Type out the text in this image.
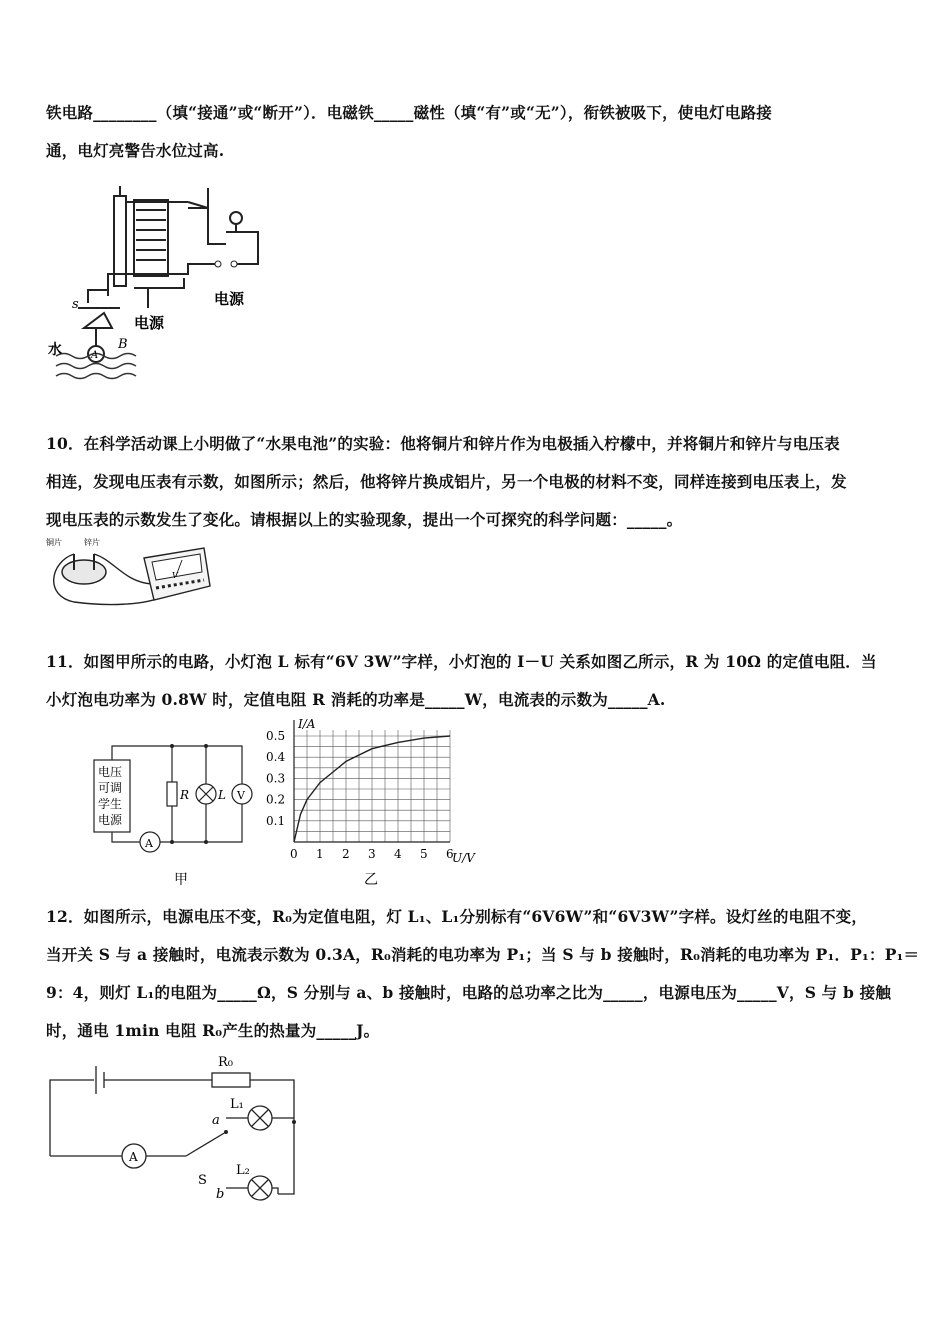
铁电路________（填“接通”或“断开”）．电磁铁_____磁性（填“有”或“无”），衔铁被吸下，使电灯电路接
通，电灯亮警告水位过高.
电源
电源
水
s
B
A
10．在科学活动课上小明做了“水果电池”的实验：他将铜片和锌片作为电极插入柠檬中，并将铜片和锌片与电压表
相连，发现电压表有示数，如图所示；然后，他将锌片换成铝片，另一个电极的材料不变，同样连接到电压表上，发
现电压表的示数发生了变化。请根据以上的实验现象，提出一个可探究的科学问题：_____。
铜片	锌片
V
11．如图甲所示的电路，小灯泡 L 标有“6V 3W”字样，小灯泡的 I－U 关系如图乙所示，R 为 10Ω 的定值电阻．当
小灯泡电功率为 0.8W 时，定值电阻 R 消耗的功率是_____W，电流表的示数为_____A.
电压
可调
学生
电源
R L V
A
甲
0 1 2 3 4 5 6
0.1
0.2
0.3
0.4
0.5
I/A
U/V
乙
12．如图所示，电源电压不变，R₀为定值电阻，灯 L₁、L₁分别标有“6V6W”和“6V3W”字样。设灯丝的电阻不变，
当开关 S 与 a 接触时，电流表示数为 0.3A，R₀消耗的电功率为 P₁；当 S 与 b 接触时，R₀消耗的电功率为 P₁．P₁：P₁＝
9：4，则灯 L₁的电阻为_____Ω，S 分别与 a、b 接触时，电路的总功率之比为_____，电源电压为_____V，S 与 b 接触
时，通电 1min 电阻 R₀产生的热量为_____J。
R₀
L₁
L₂
a
b
S
A
